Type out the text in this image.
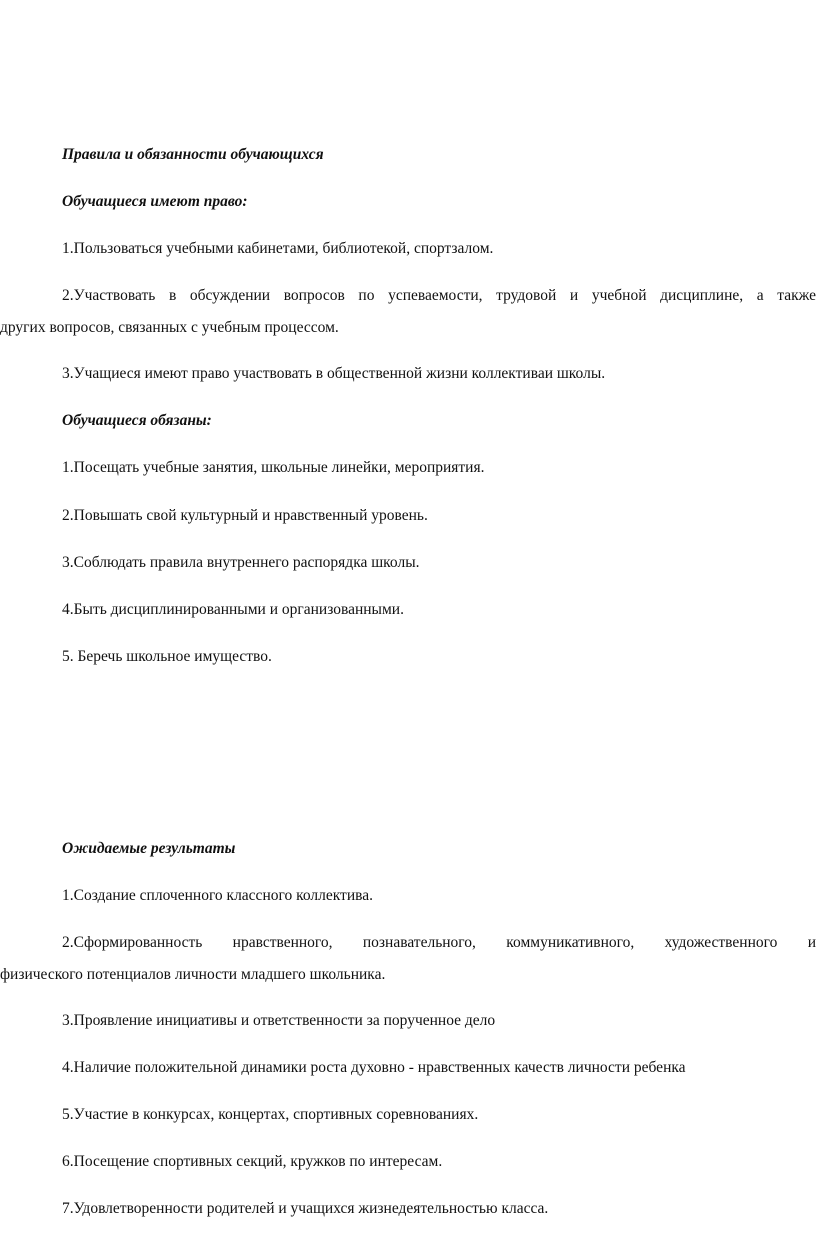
Правила и обязанности обучающихся
Обучащиеся имеют право:
1.Пользоваться учебными кабинетами, библиотекой, спортзалом.
2.Участвовать в обсуждении вопросов по успеваемости, трудовой и учебной дисциплине, а также
других вопросов, связанных с учебным процессом.
3.Учащиеся имеют право участвовать в общественной жизни коллективаи школы.
Обучащиеся обязаны:
1.Посещать учебные занятия, школьные линейки, мероприятия.
2.Повышать свой культурный и нравственный уровень.
3.Соблюдать правила внутреннего распорядка школы.
4.Быть дисциплинированными и организованными.
5. Беречь школьное имущество.
Ожидаемые результаты
1.Создание сплоченного классного коллектива.
2.Сформированность нравственного, познавательного, коммуникативного, художественного и
физического потенциалов личности младшего школьника.
3.Проявление инициативы и ответственности за порученное дело
4.Наличие положительной динамики роста духовно - нравственных качеств личности ребенка
5.Участие в конкурсах, концертах, спортивных соревнованиях.
6.Посещение спортивных секций, кружков по интересам.
7.Удовлетворенности родителей и учащихся жизнедеятельностью класса.
